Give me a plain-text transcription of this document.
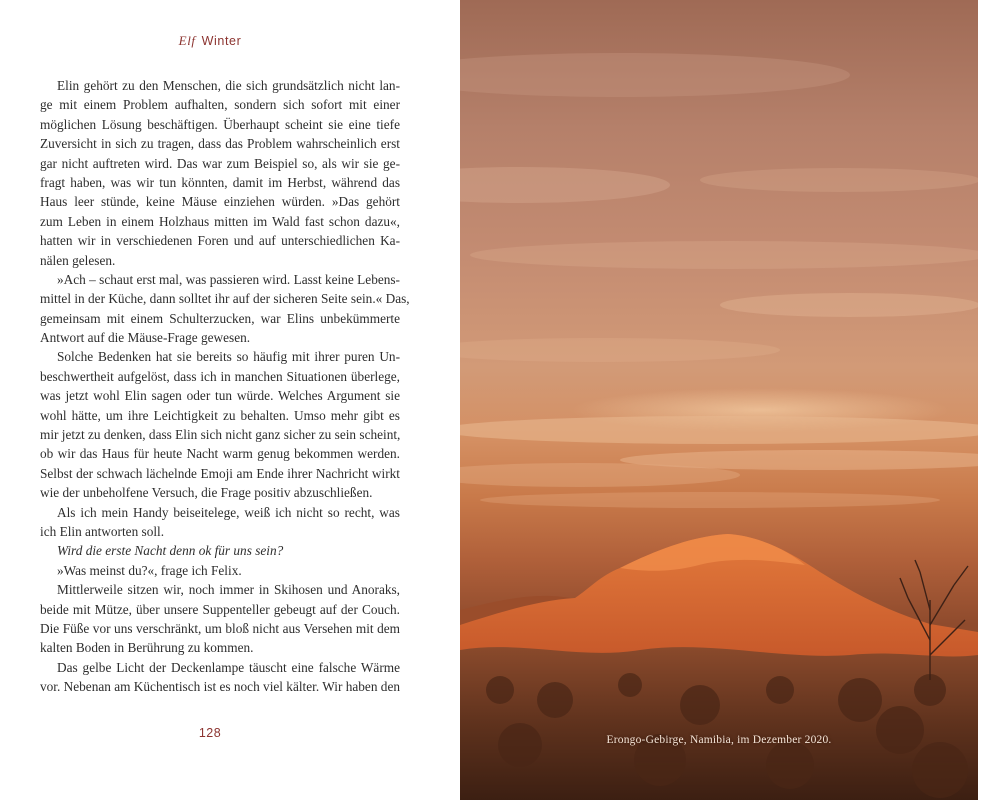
Elf Winter
Elin gehört zu den Menschen, die sich grundsätzlich nicht lan-
ge mit einem Problem aufhalten, sondern sich sofort mit einer
möglichen Lösung beschäftigen. Überhaupt scheint sie eine tiefe
Zuversicht in sich zu tragen, dass das Problem wahrscheinlich erst
gar nicht auftreten wird. Das war zum Beispiel so, als wir sie ge-
fragt haben, was wir tun könnten, damit im Herbst, während das
Haus leer stünde, keine Mäuse einziehen würden. »Das gehört
zum Leben in einem Holzhaus mitten im Wald fast schon dazu«,
hatten wir in verschiedenen Foren und auf unterschiedlichen Ka-
nälen gelesen.
»Ach – schaut erst mal, was passieren wird. Lasst keine Lebens-
mittel in der Küche, dann solltet ihr auf der sicheren Seite sein.« Das,
gemeinsam mit einem Schulterzucken, war Elins unbekümmerte
Antwort auf die Mäuse-Frage gewesen.
Solche Bedenken hat sie bereits so häufig mit ihrer puren Un-
beschwertheit aufgelöst, dass ich in manchen Situationen überlege,
was jetzt wohl Elin sagen oder tun würde. Welches Argument sie
wohl hätte, um ihre Leichtigkeit zu behalten. Umso mehr gibt es
mir jetzt zu denken, dass Elin sich nicht ganz sicher zu sein scheint,
ob wir das Haus für heute Nacht warm genug bekommen werden.
Selbst der schwach lächelnde Emoji am Ende ihrer Nachricht wirkt
wie der unbeholfene Versuch, die Frage positiv abzuschließen.
Als ich mein Handy beiseitelege, weiß ich nicht so recht, was
ich Elin antworten soll.
Wird die erste Nacht denn ok für uns sein?
»Was meinst du?«, frage ich Felix.
Mittlerweile sitzen wir, noch immer in Skihosen und Anoraks,
beide mit Mütze, über unsere Suppenteller gebeugt auf der Couch.
Die Füße vor uns verschränkt, um bloß nicht aus Versehen mit dem
kalten Boden in Berührung zu kommen.
Das gelbe Licht der Deckenlampe täuscht eine falsche Wärme
vor. Nebenan am Küchentisch ist es noch viel kälter. Wir haben den
128	Erongo-Gebirge, Namibia, im Dezember 2020.
